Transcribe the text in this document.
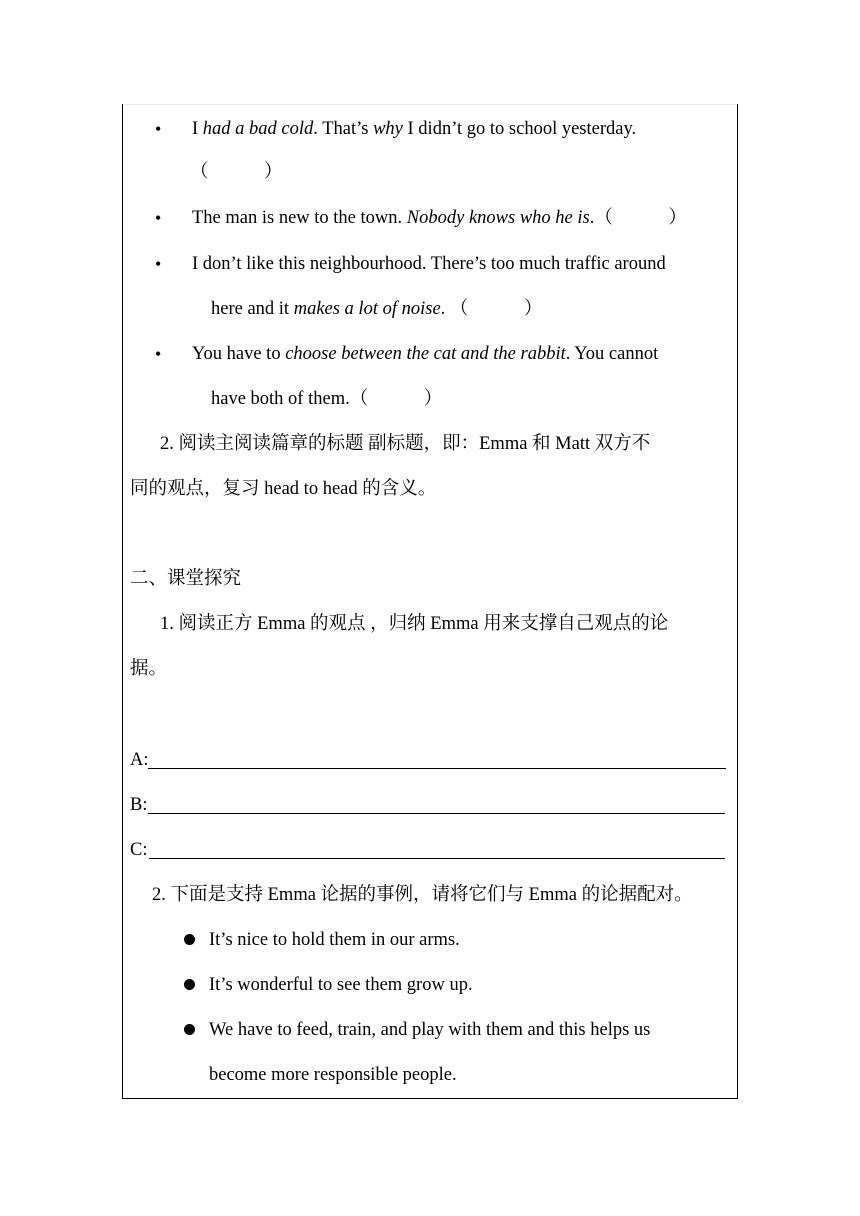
• I had a bad cold. That’s why I didn’t go to school yesterday.
（　　　）
• The man is new to the town. Nobody knows who he is.（　　　）
• I don’t like this neighbourhood. There’s too much traffic around
here and it makes a lot of noise. （　　　）
• You have to choose between the cat and the rabbit. You cannot
have both of them.（　　　）
2. 阅读主阅读篇章的标题 副标题，即：Emma 和 Matt 双方不
同的观点，复习 head to head 的含义。
二、课堂探究
1. 阅读正方 Emma 的观点 ，归纳 Emma 用来支撑自己观点的论
据。
A:
B:
C:
2. 下面是支持 Emma 论据的事例，请将它们与 Emma 的论据配对。
It’s nice to hold them in our arms.
It’s wonderful to see them grow up.
We have to feed, train, and play with them and this helps us
become more responsible people.
